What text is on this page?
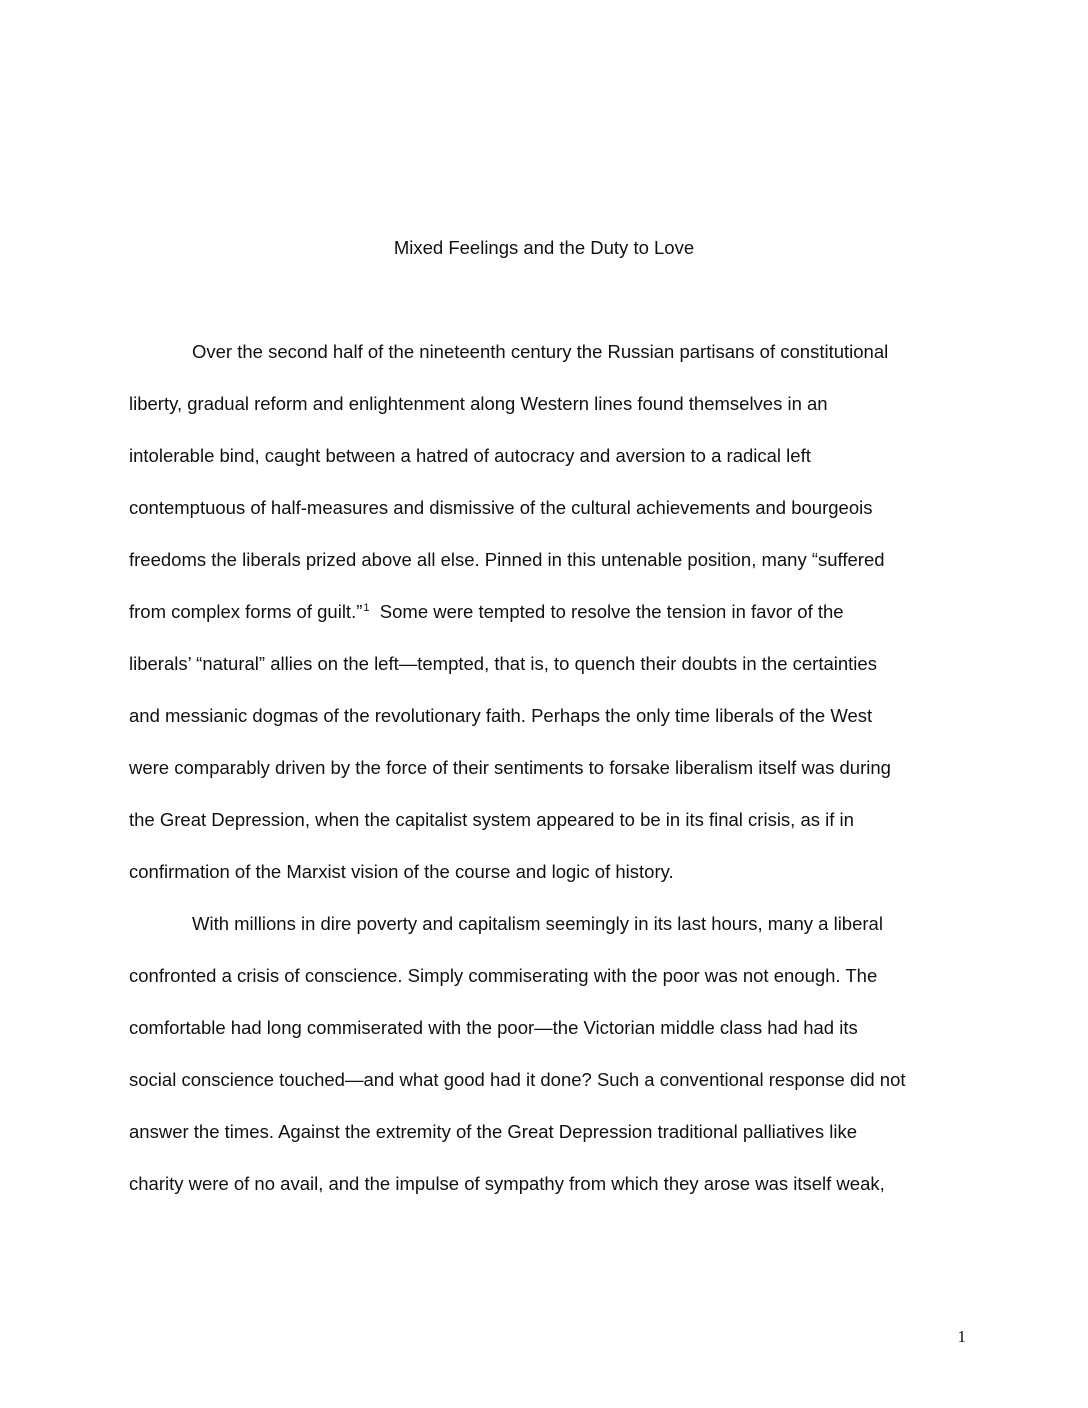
Mixed Feelings and the Duty to Love
Over the second half of the nineteenth century the Russian partisans of constitutional
liberty, gradual reform and enlightenment along Western lines found themselves in an
intolerable bind, caught between a hatred of autocracy and aversion to a radical left
contemptuous of half-measures and dismissive of the cultural achievements and bourgeois
freedoms the liberals prized above all else. Pinned in this untenable position, many “suffered
from complex forms of guilt.”$^1$ Some were tempted to resolve the tension in favor of the
liberals’ “natural” allies on the left—tempted, that is, to quench their doubts in the certainties
and messianic dogmas of the revolutionary faith. Perhaps the only time liberals of the West
were comparably driven by the force of their sentiments to forsake liberalism itself was during
the Great Depression, when the capitalist system appeared to be in its final crisis, as if in
confirmation of the Marxist vision of the course and logic of history.
With millions in dire poverty and capitalism seemingly in its last hours, many a liberal
confronted a crisis of conscience. Simply commiserating with the poor was not enough. The
comfortable had long commiserated with the poor—the Victorian middle class had had its
social conscience touched—and what good had it done? Such a conventional response did not
answer the times. Against the extremity of the Great Depression traditional palliatives like
charity were of no avail, and the impulse of sympathy from which they arose was itself weak,
1
